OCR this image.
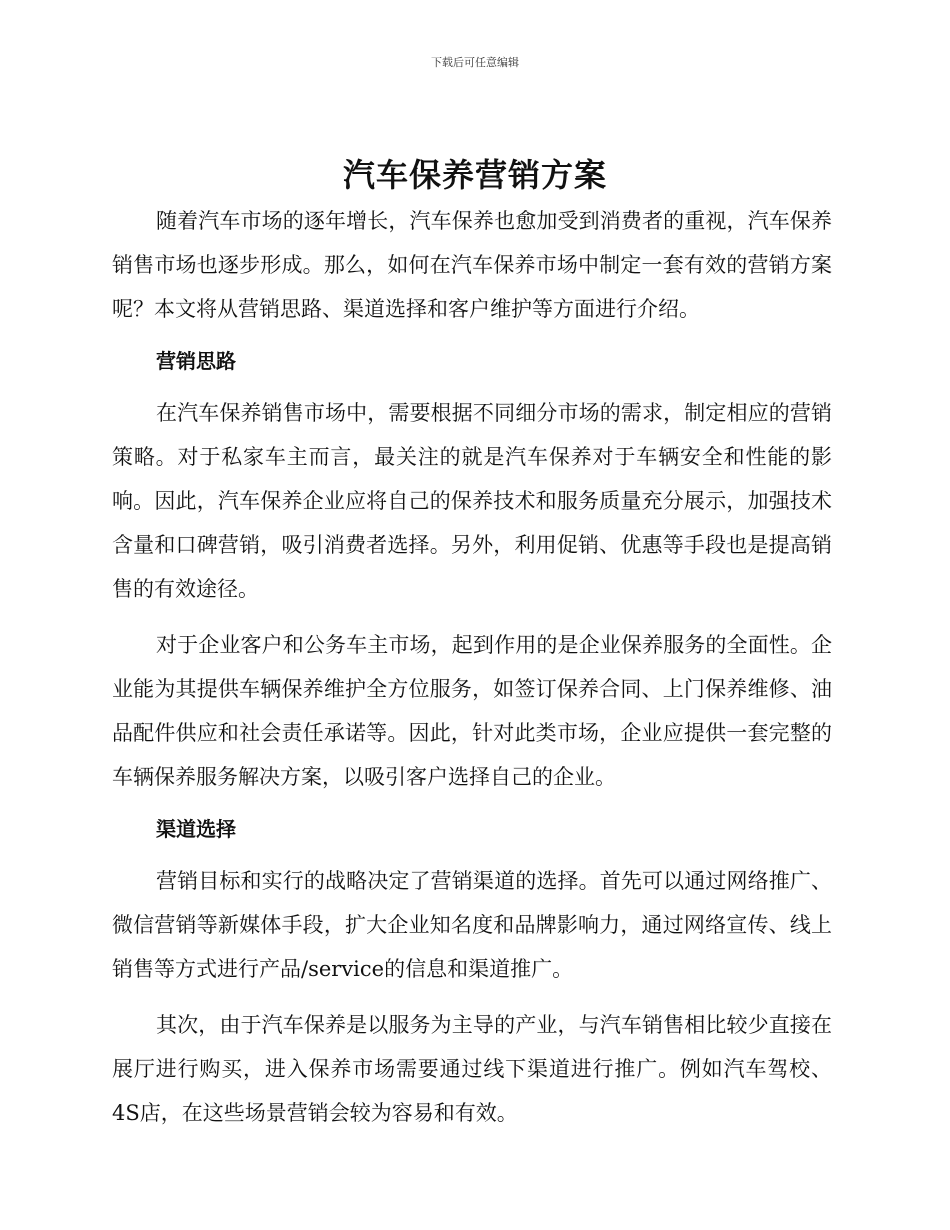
下载后可任意编辑
汽车保养营销方案

随着汽车市场的逐年增长，汽车保养也愈加受到消费者的重视，汽车保养销售市场也逐步形成。那么，如何在汽车保养市场中制定一套有效的营销方案呢？本文将从营销思路、渠道选择和客户维护等方面进行介绍。

营销思路

在汽车保养销售市场中，需要根据不同细分市场的需求，制定相应的营销策略。对于私家车主而言，最关注的就是汽车保养对于车辆安全和性能的影响。因此，汽车保养企业应将自己的保养技术和服务质量充分展示，加强技术含量和口碑营销，吸引消费者选择。另外，利用促销、优惠等手段也是提高销售的有效途径。

对于企业客户和公务车主市场，起到作用的是企业保养服务的全面性。企业能为其提供车辆保养维护全方位服务，如签订保养合同、上门保养维修、油品配件供应和社会责任承诺等。因此，针对此类市场，企业应提供一套完整的车辆保养服务解决方案，以吸引客户选择自己的企业。

渠道选择

营销目标和实行的战略决定了营销渠道的选择。首先可以通过网络推广、微信营销等新媒体手段，扩大企业知名度和品牌影响力，通过网络宣传、线上销售等方式进行产品/service的信息和渠道推广。

其次，由于汽车保养是以服务为主导的产业，与汽车销售相比较少直接在展厅进行购买，进入保养市场需要通过线下渠道进行推广。例如汽车驾校、4S店，在这些场景营销会较为容易和有效。
